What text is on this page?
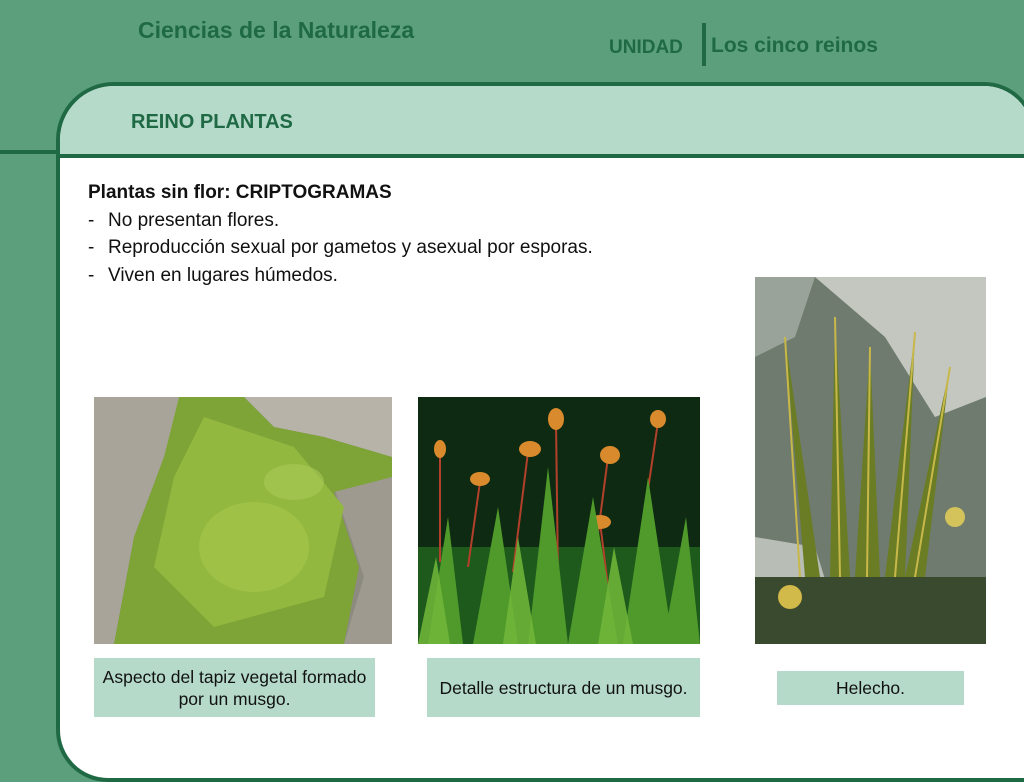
Ciencias de la Naturaleza
UNIDAD Los cinco reinos
REINO PLANTAS
Plantas sin flor: CRIPTOGRAMAS
- No presentan flores.
- Reproducción sexual por gametos y asexual por esporas.
- Viven en lugares húmedos.
Aspecto del tapiz vegetal formado por un musgo.
Detalle estructura de un musgo.	Helecho.
